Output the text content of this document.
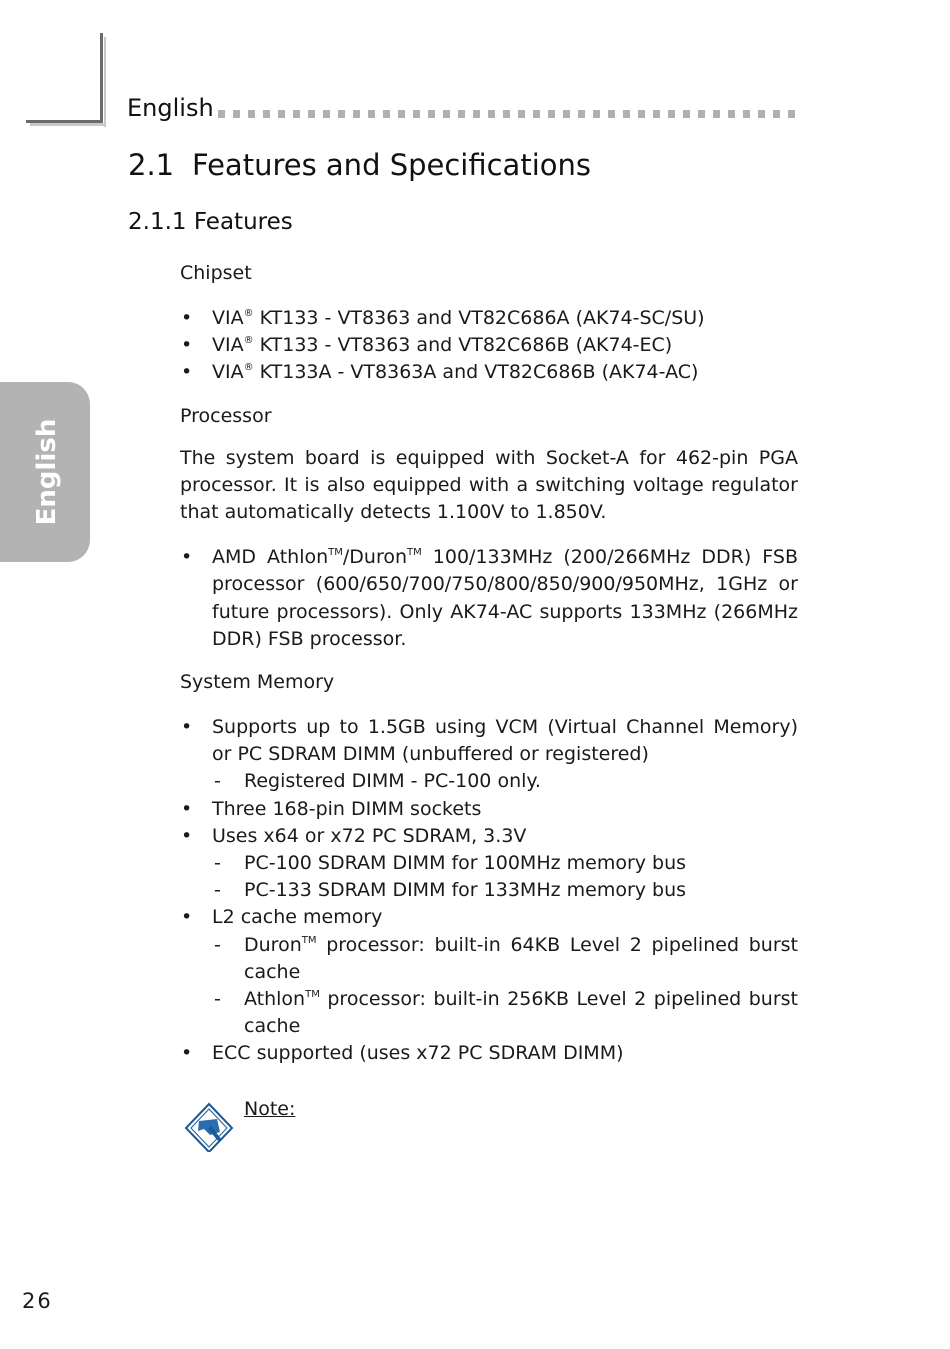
English
English
2.1 Features and Specifications
2.1.1 Features
Chipset
• VIA® KT133 - VT8363 and VT82C686A (AK74-SC/SU)
• VIA® KT133 - VT8363 and VT82C686B (AK74-EC)
• VIA® KT133A - VT8363A and VT82C686B (AK74-AC)
Processor

The system board is equipped with Socket-A for 462-pin PGA processor. It is also equipped with a switching voltage regulator that automatically detects 1.100V to 1.850V.

• AMD Athlon™/Duron™ 100/133MHz (200/266MHz DDR) FSB processor (600/650/700/750/800/850/900/950MHz, 1GHz or future processors). Only AK74-AC supports 133MHz (266MHz DDR) FSB processor.
System Memory
• Supports up to 1.5GB using VCM (Virtual Channel Memory) or PC SDRAM DIMM (unbuffered or registered)
- Registered DIMM - PC-100 only.
• Three 168-pin DIMM sockets
• Uses x64 or x72 PC SDRAM, 3.3V
- PC-100 SDRAM DIMM for 100MHz memory bus
- PC-133 SDRAM DIMM for 133MHz memory bus
• L2 cache memory
- Duron™ processor: built-in 64KB Level 2 pipelined burst cache
- Athlon™ processor: built-in 256KB Level 2 pipelined burst cache
• ECC supported (uses x72 PC SDRAM DIMM)
Note:
26
